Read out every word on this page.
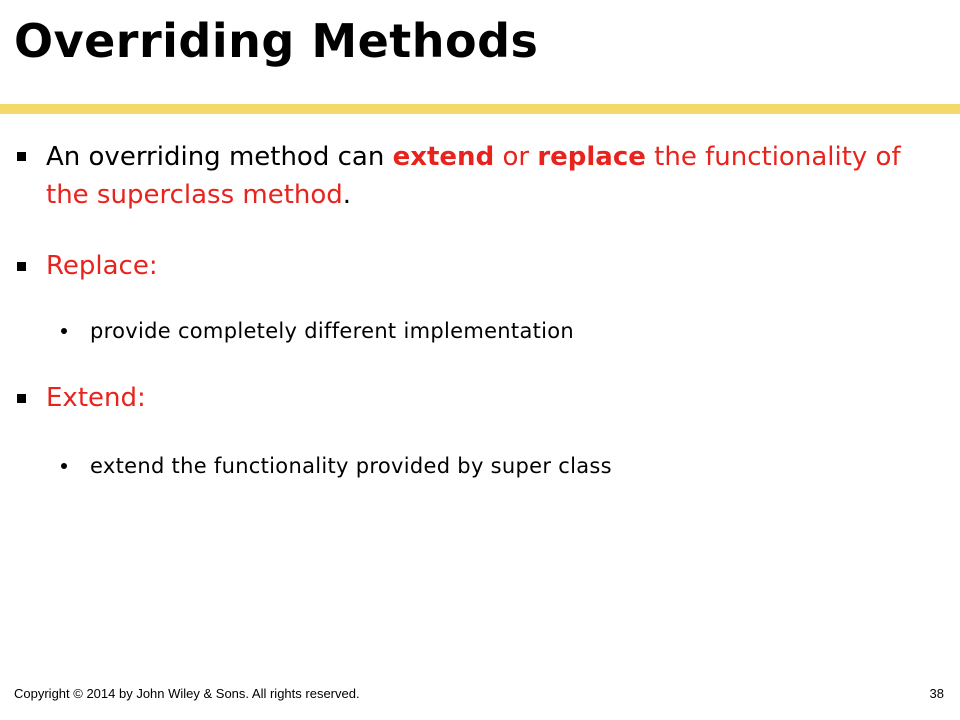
Overriding Methods
An overriding method can extend or replace the functionality of the superclass method.
Replace:
provide completely different implementation
Extend:
extend the functionality provided by super class
Copyright © 2014 by John Wiley & Sons. All rights reserved.	38
